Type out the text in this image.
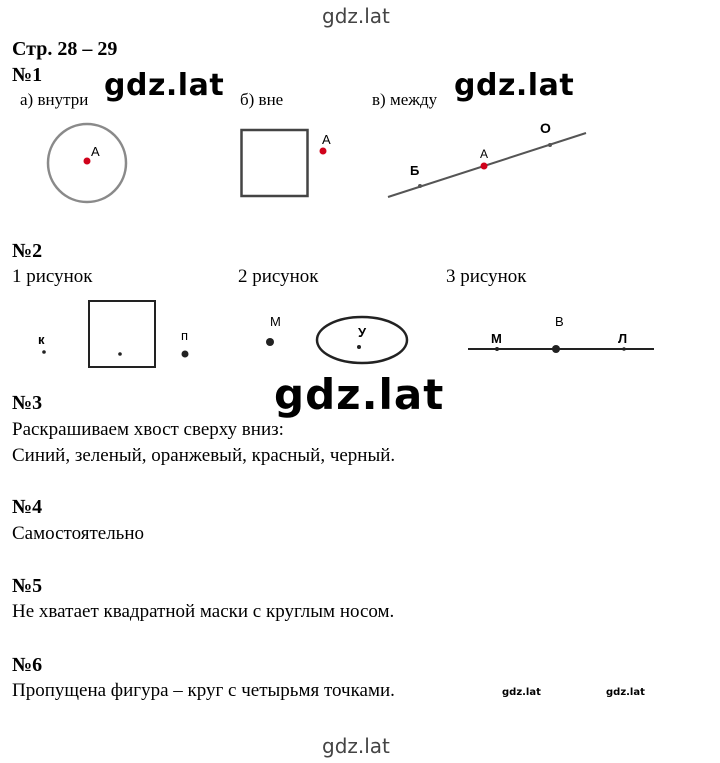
gdz.lat
Стр. 28 – 29
№1
а) внутри	б) вне	в) между
gdz.lat	gdz.lat
А
А
Б
А
О
№2
1 рисунок	2 рисунок	3 рисунок
к	п	У
М
М
В
Л
gdz.lat
№3
Раскрашиваем хвост сверху вниз:
Синий, зеленый, оранжевый, красный, черный.
№4
Самостоятельно
№5
Не хватает квадратной маски с круглым носом.
№6
Пропущена фигура – круг с четырьмя точками.	gdz.lat	gdz.lat
gdz.lat
